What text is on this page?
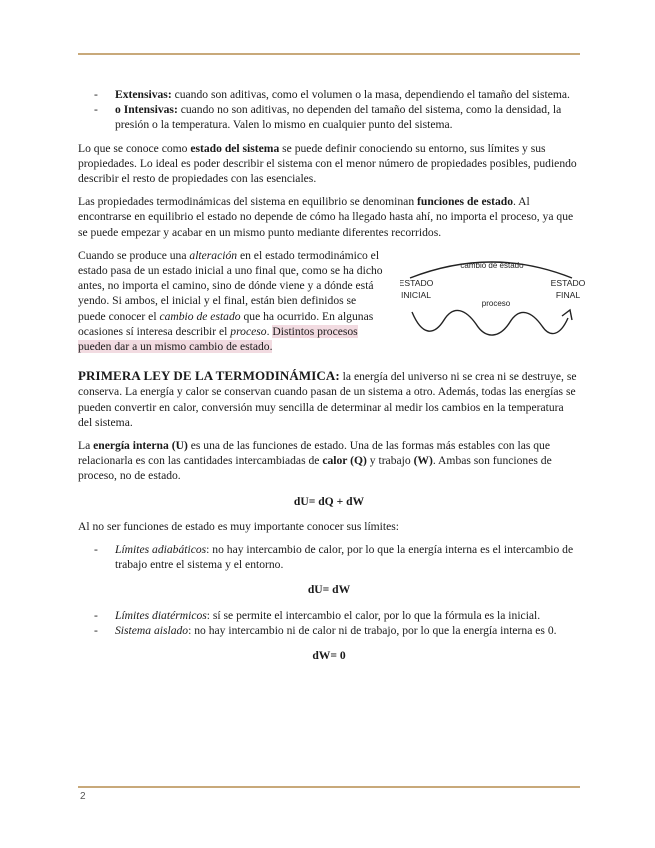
- Extensivas: cuando son aditivas, como el volumen o la masa, dependiendo el tamaño del sistema.
- o Intensivas: cuando no son aditivas, no dependen del tamaño del sistema, como la densidad, la presión o la temperatura. Valen lo mismo en cualquier punto del sistema.

Lo que se conoce como estado del sistema se puede definir conociendo su entorno, sus límites y sus propiedades. Lo ideal es poder describir el sistema con el menor número de propiedades posibles, pudiendo describir el resto de propiedades con las esenciales.

Las propiedades termodinámicas del sistema en equilibrio se denominan funciones de estado. Al encontrarse en equilibrio el estado no depende de cómo ha llegado hasta ahí, no importa el proceso, ya que se puede empezar y acabar en un mismo punto mediante diferentes recorridos.

Cuando se produce una alteración en el estado termodinámico el estado pasa de un estado inicial a uno final que, como se ha dicho antes, no importa el camino, sino de dónde viene y a dónde está yendo. Si ambos, el inicial y el final, están bien definidos se puede conocer el cambio de estado que ha ocurrido. En algunas ocasiones sí interesa describir el proceso. Distintos procesos pueden dar a un mismo cambio de estado.

cambio de estado
ESTADO
INICIAL
ESTADO
FINAL
proceso

PRIMERA LEY DE LA TERMODINÁMICA: la energía del universo ni se crea ni se destruye, se conserva. La energía y calor se conservan cuando pasan de un sistema a otro. Además, todas las energías se pueden convertir en calor, conversión muy sencilla de determinar al medir los cambios en la temperatura del sistema.

La energía interna (U) es una de las funciones de estado. Una de las formas más estables con las que relacionarla es con las cantidades intercambiadas de calor (Q) y trabajo (W). Ambas son funciones de proceso, no de estado.

dU= dQ + dW

Al no ser funciones de estado es muy importante conocer sus límites:

- Límites adiabáticos: no hay intercambio de calor, por lo que la energía interna es el intercambio de trabajo entre el sistema y el entorno.
dU= dW
- Límites diatérmicos: sí se permite el intercambio el calor, por lo que la fórmula es la inicial.
- Sistema aislado: no hay intercambio ni de calor ni de trabajo, por lo que la energía interna es 0.
dW= 0
2
